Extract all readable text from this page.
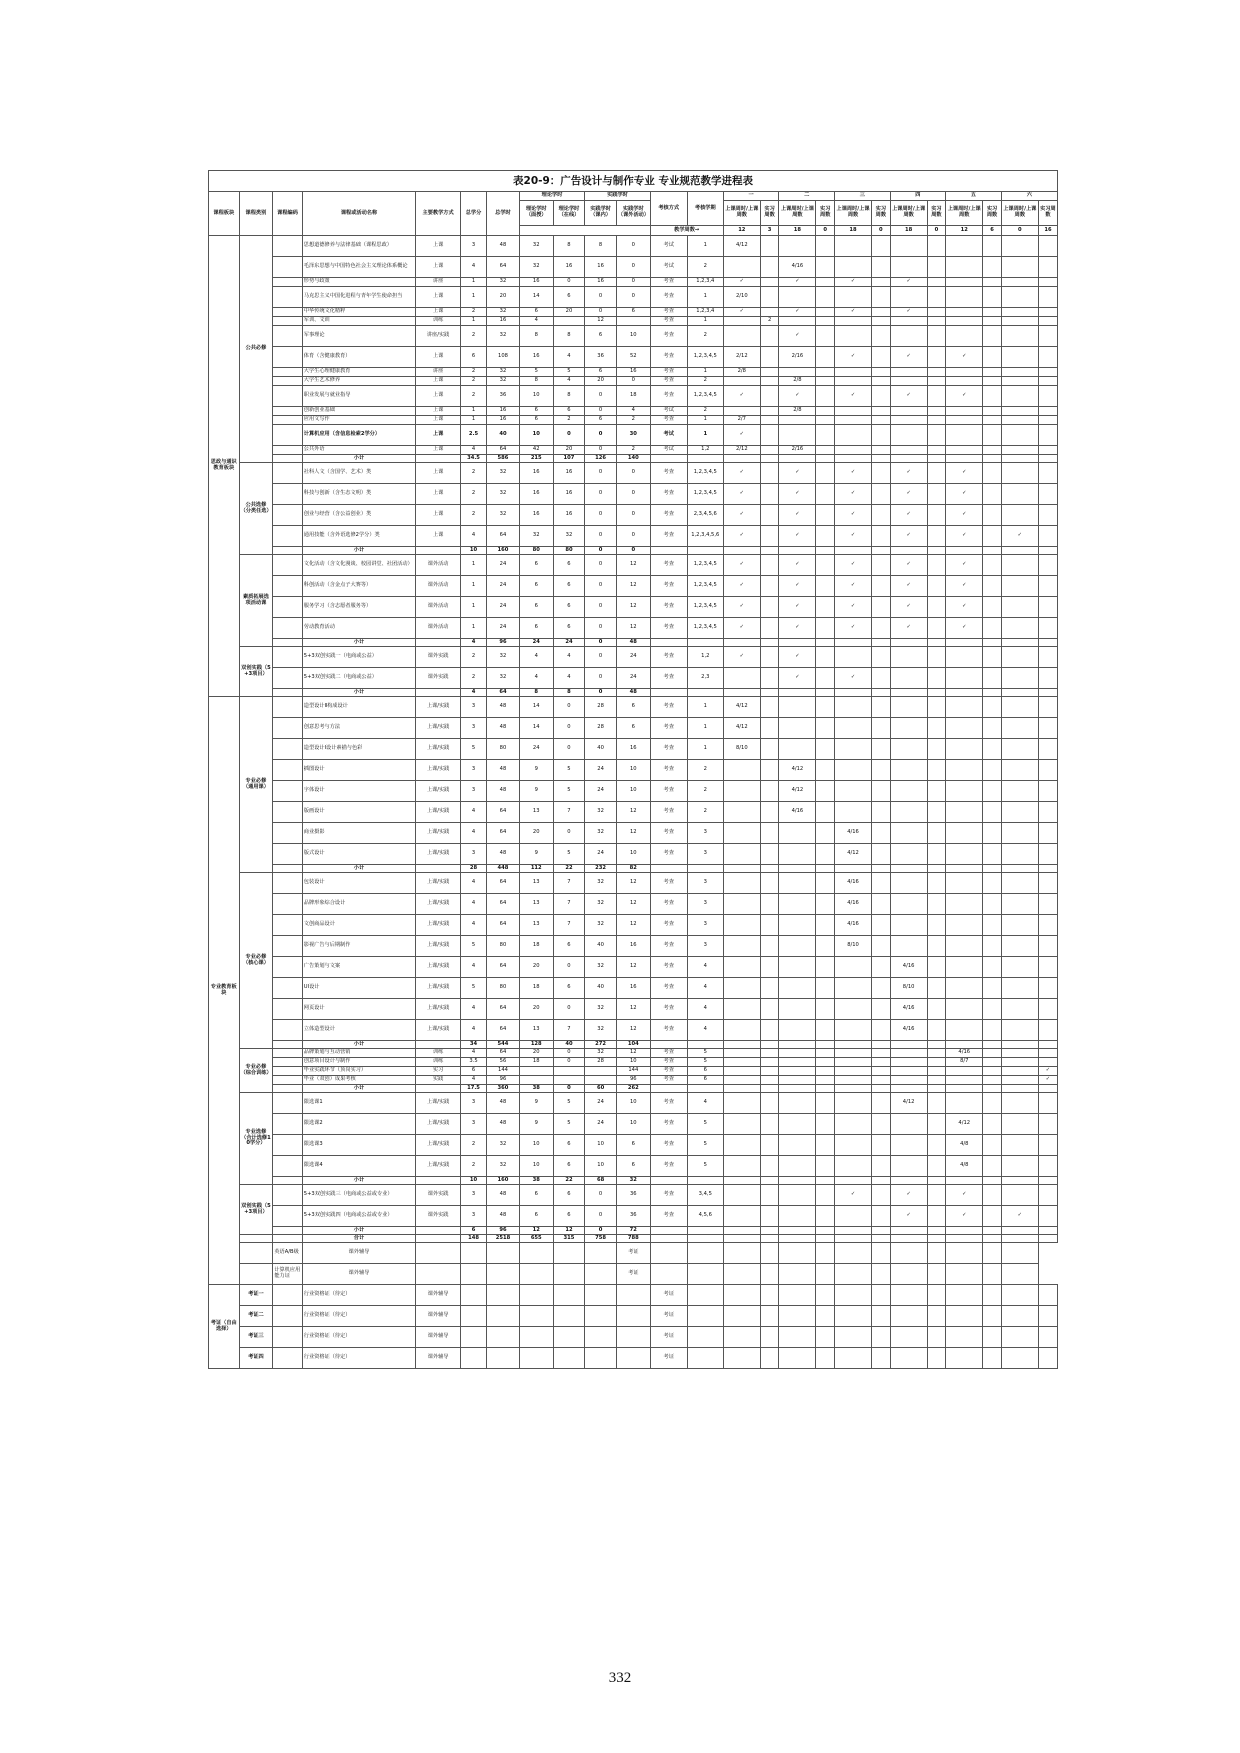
表20-9：广告设计与制作专业 专业规范教学进程表																								
课程板块	课程类别	课程编码	课程或活动名称	主要教学方式	总学分	总学时	理论学时		实践学时		考核方式	考核学期	一		二		三		四		五		六	
							理论学时（面授）	理论学时（在线）	实践学时（课内）	实践学时（课外活动）			上课周时/上课周数	实习周数	上课周时/上课周数	实习周数	上课周时/上课周数	实习周数	上课周时/上课周数	实习周数	上课周时/上课周数	实习周数	上课周时/上课周数	实习周数
											教学周数→		12	3	18	0	18	0	18	0	12	6	0	16
思政与通识教育板块	公共必修		思想道德修养与法律基础（课程思政）	上课	3	48	32	8	8	0	考试	1	4/12											
			毛泽东思想与中国特色社会主义理论体系概论	上课	4	64	32	16	16	0	考试	2			4/16									
			形势与政策	讲座	1	32	16	0	16	0	考查	1,2,3,4	✓		✓		✓		✓					
			马克思主义中国化进程与青年学生使命担当	上课	1	20	14	6	0	0	考查	1	2/10											
			中华传统文化精粹	上课	2	32	6	20	0	6	考查	1,2,3,4	✓		✓		✓		✓					
			军训、文训	训练	1	16	4		12		考查	1		2										
			军事理论	讲座/实践	2	32	8	8	6	10	考查	2			✓									
			体育（含健康教育）	上课	6	108	16	4	36	52	考查	1,2,3,4,5	2/12		2/16		✓		✓		✓			
			大学生心理健康教育	讲座	2	32	5	5	6	16	考查	1	2/8											
			大学生艺术修养	上课	2	32	8	4	20	0	考查	2			2/8									
			职业发展与就业指导	上课	2	36	10	8	0	18	考查	1,2,3,4,5	✓		✓		✓		✓		✓			
			创新创业基础	上课	1	16	6	6	0	4	考试	2			2/8									
			应用文写作	上课	1	16	6	2	6	2	考查	1	2/7											
			计算机应用（含信息检索2学分）	上课	2.5	40	10	0	0	30	考试	1	✓											
			公共外语	上课	4	64	42	20	0	2	考试	1,2	2/12		2/16									
			小计		34.5	586	215	107	126	140														
	公共选修（分类任选）		社科人文（含国学、艺术）类	上课	2	32	16	16	0	0	考查	1,2,3,4,5	✓		✓		✓		✓		✓			
			科技与创新（含生态文明）类	上课	2	32	16	16	0	0	考查	1,2,3,4,5	✓		✓		✓		✓		✓			
			创业与经营（含公益创业）类	上课	2	32	16	16	0	0	考查	2,3,4,5,6	✓		✓		✓		✓		✓			
			通用技能（含外语选修2学分）类	上课	4	64	32	32	0	0	考查	1,2,3,4,5,6	✓		✓		✓		✓		✓		✓	
			小计		10	160	80	80	0	0														
	素质拓展选项活动课		文化活动（含文化漫谈、校园讲堂、社团活动）	课外活动	1	24	6	6	0	12	考查	1,2,3,4,5	✓		✓		✓		✓		✓			
			科创活动（含金点子大赛等）	课外活动	1	24	6	6	0	12	考查	1,2,3,4,5	✓		✓		✓		✓		✓			
			服务学习（含志愿者服务等）	课外活动	1	24	6	6	0	12	考查	1,2,3,4,5	✓		✓		✓		✓		✓			
			劳动教育活动	课外活动	1	24	6	6	0	12	考查	1,2,3,4,5	✓		✓		✓		✓		✓			
			小计		4	96	24	24	0	48														
	双创实践（5+3项目）		5+3双创实践一（电商或公益）	课外实践	2	32	4	4	0	24	考查	1,2	✓		✓									
			5+3双创实践二（电商或公益）	课外实践	2	32	4	4	0	24	考查	2,3			✓		✓							
			小计		4	64	8	8	0	48														
专业教育板块	专业必修（通用课）		造型设计Ⅱ构成设计	上课/实践	3	48	14	0	28	6	考查	1	4/12											
			创意思考与方法	上课/实践	3	48	14	0	28	6	考查	1	4/12											
			造型设计Ⅰ设计素描与色彩	上课/实践	5	80	24	0	40	16	考查	1	8/10											
			插图设计	上课/实践	3	48	9	5	24	10	考查	2			4/12									
			字体设计	上课/实践	3	48	9	5	24	10	考查	2			4/12									
			版画设计	上课/实践	4	64	13	7	32	12	考查	2			4/16									
			商业摄影	上课/实践	4	64	20	0	32	12	考查	3					4/16							
			版式设计	上课/实践	3	48	9	5	24	10	考查	3					4/12							
			小计		28	448	112	22	232	82														
	专业必修（核心课）		包装设计	上课/实践	4	64	13	7	32	12	考查	3					4/16							
			品牌形象综合设计	上课/实践	4	64	13	7	32	12	考查	3					4/16							
			文创商品设计	上课/实践	4	64	13	7	32	12	考查	3					4/16							
			影视广告与后期制作	上课/实践	5	80	18	6	40	16	考查	3					8/10							
			广告策划与文案	上课/实践	4	64	20	0	32	12	考查	4							4/16					
			UI设计	上课/实践	5	80	18	6	40	16	考查	4							8/10					
			网页设计	上课/实践	4	64	20	0	32	12	考查	4							4/16					
			立体造型设计	上课/实践	4	64	13	7	32	12	考查	4							4/16					
			小计		34	544	128	40	272	104														
	专业必修（综合训练）		品牌策划与互动营销	训练	4	64	20	0	32	12	考查	5									4/16			
			创意项目设计与制作	训练	3.5	56	18	0	28	10	考查	5									8/7			
			毕业实践环节（顶岗实习）	实习	6	144				144	考查	6												✓
			毕业（双创）成果考核	实践	4	96				96	考查	6												✓
			小计		17.5	360	38	0	60	262														
	专业选修（合计选修10学分）		限选课1	上课/实践	3	48	9	5	24	10	考查	4							4/12					
			限选课2	上课/实践	3	48	9	5	24	10	考查	5									4/12			
			限选课3	上课/实践	2	32	10	6	10	6	考查	5									4/8			
			限选课4	上课/实践	2	32	10	6	10	6	考查	5									4/8			
			小计		10	160	38	22	68	32														
	双创实践（5+3项目）		5+3双创实践三（电商或公益或专业）	课外实践	3	48	6	6	0	36	考查	3,4,5					✓		✓		✓			
			5+3双创实践四（电商或公益或专业）	课外实践	3	48	6	6	0	36	考查	4,5,6							✓		✓		✓	
			小计		6	96	12	12	0	72														
			合计		148	2518	655	315	758	788														
		英语A/B级	课外辅导							考证														
		计算机应用能力证	课外辅导							考证														
考证（自由选择）	考证一		行业资格证（待定）	课外辅导							考证													
	考证二		行业资格证（待定）	课外辅导							考证													
	考证三		行业资格证（待定）	课外辅导							考证													
	考证四		行业资格证（待定）	课外辅导							考证													
332
